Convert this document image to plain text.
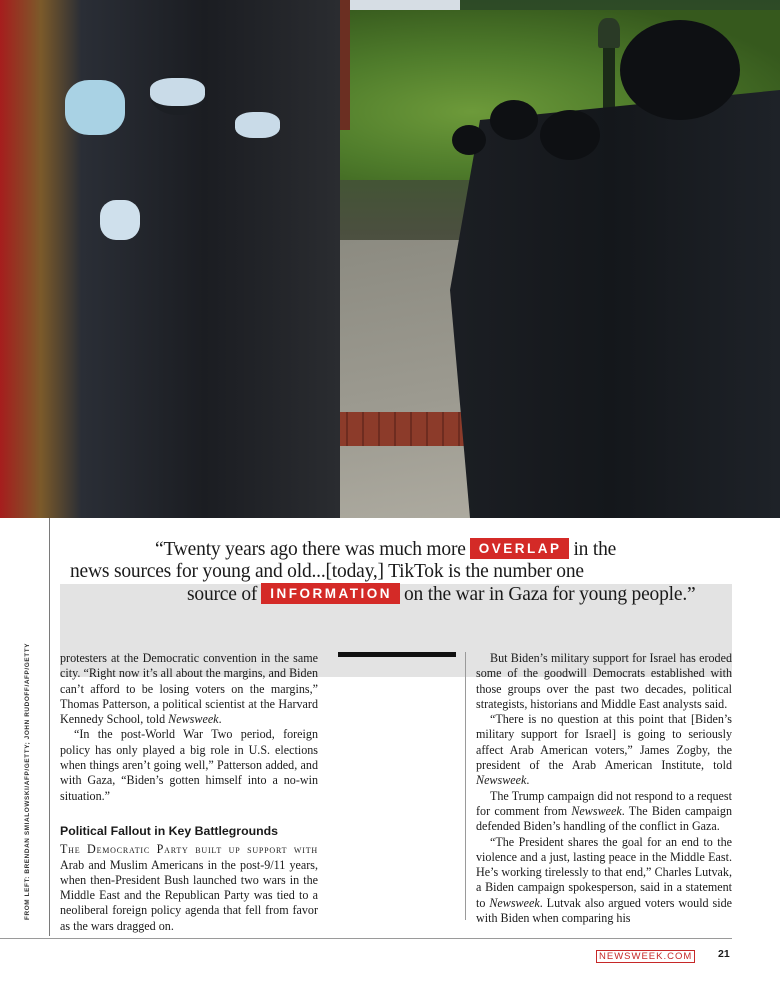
“Twenty years ago there was much more OVERLAP in the
news sources for young and old...[today,] TikTok is the number one
source of INFORMATION on the war in Gaza for young people.”
FROM LEFT: BRENDAN SMIALOWSKI/AFP/GETTY; JOHN RUDOFF/AFP/GETTY protesters at the Democratic convention in the same city. “Right now it’s all about the margins, and Biden can’t afford to be losing voters on the margins,” Thomas Patterson, a political scientist at the Harvard Kennedy School, told Newsweek.

“In the post-World War Two period, foreign policy has only played a big role in U.S. elections when things aren’t going well,” Patterson added, and with Gaza, “Biden’s gotten himself into a no-win situation.”

Political Fallout in Key Battlegrounds

The Democratic Party built up support with Arab and Muslim Americans in the post-9/11 years, when then-President Bush launched two wars in the Middle East and the Republican Party was tied to a neoliberal foreign policy agenda that fell from favor as the wars dragged on.

But Biden’s military support for Israel has eroded some of the goodwill Democrats established with those groups over the past two decades, political strategists, historians and Middle East analysts said.

“There is no question at this point that [Biden’s military support for Israel] is going to seriously affect Arab American voters,” James Zogby, the president of the Arab American Institute, told Newsweek.

The Trump campaign did not respond to a request for comment from Newsweek. The Biden campaign defended Biden’s handling of the conflict in Gaza.

“The President shares the goal for an end to the violence and a just, lasting peace in the Middle East. He’s working tirelessly to that end,” Charles Lutvak, a Biden campaign spokesperson, said in a statement to Newsweek. Lutvak also argued voters would side with Biden when comparing his

NEWSWEEK.COM 21
